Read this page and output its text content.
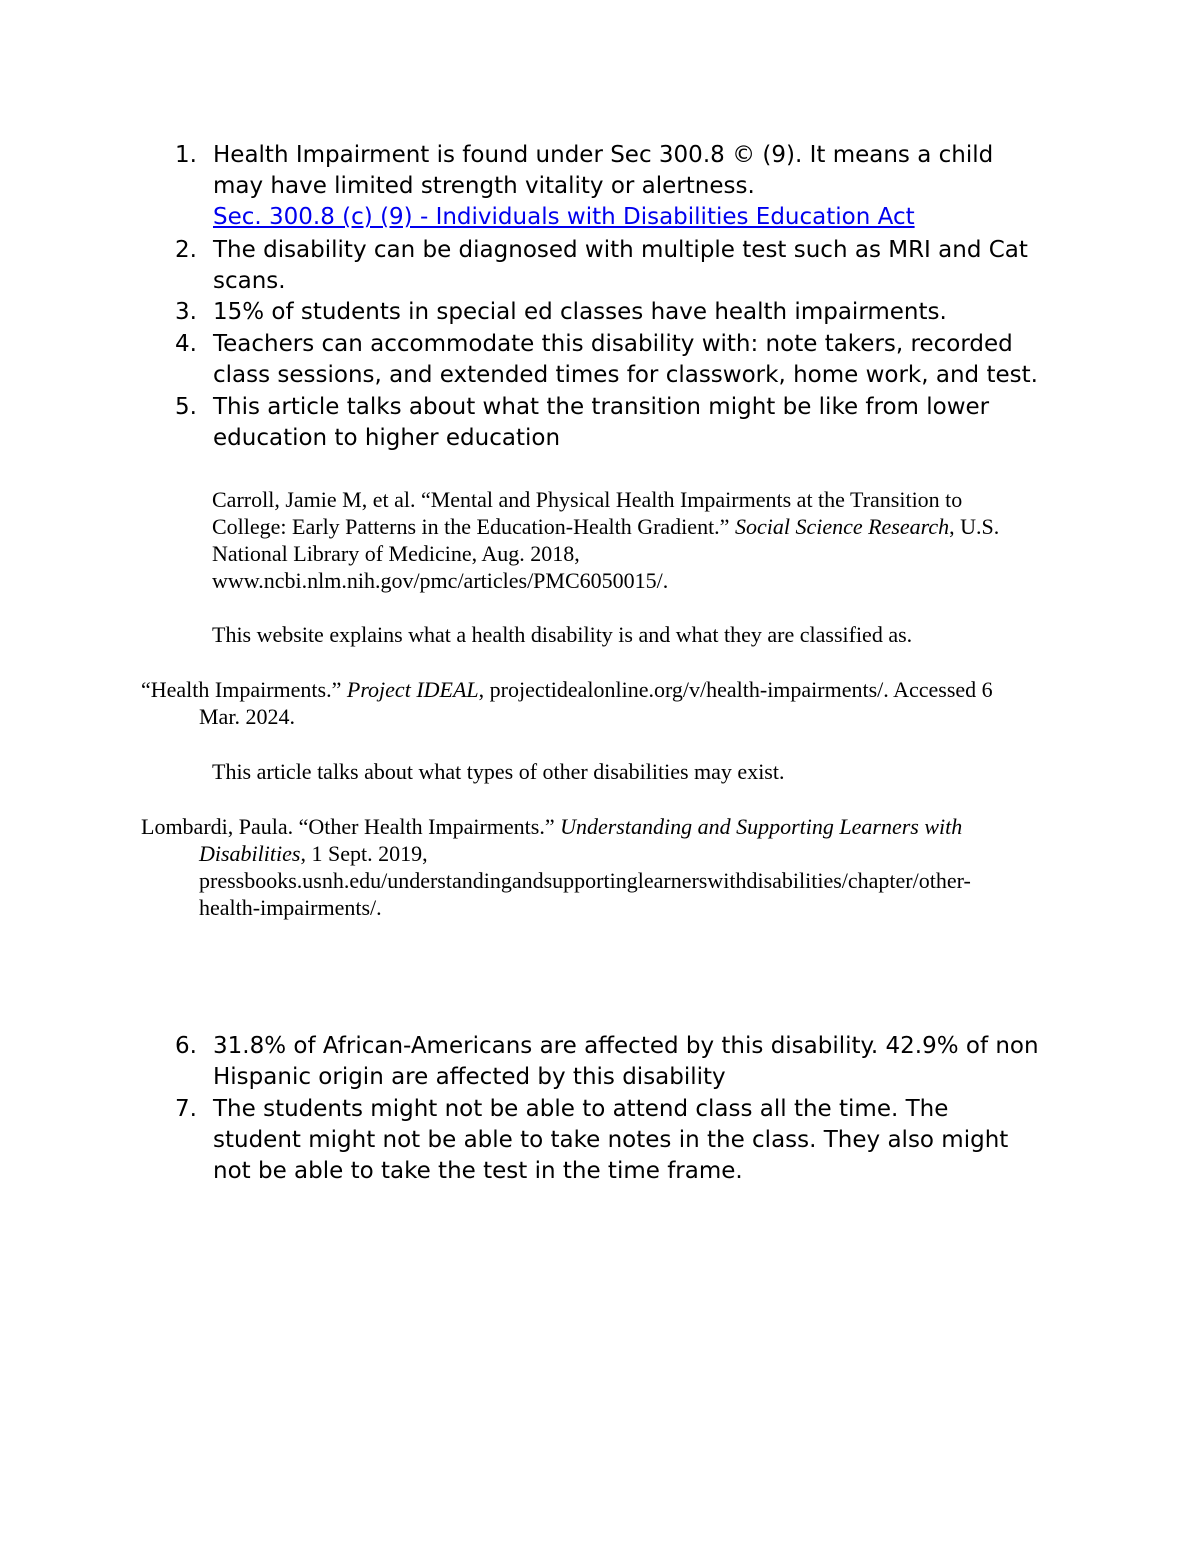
1. Health Impairment is found under Sec 300.8 © (9). It means a child
may have limited strength vitality or alertness.
Sec. 300.8 (c) (9) - Individuals with Disabilities Education Act
2. The disability can be diagnosed with multiple test such as MRI and Cat
scans.
3. 15% of students in special ed classes have health impairments.
4. Teachers can accommodate this disability with: note takers, recorded
class sessions, and extended times for classwork, home work, and test.
5. This article talks about what the transition might be like from lower
education to higher education
Carroll, Jamie M, et al. “Mental and Physical Health Impairments at the Transition to
College: Early Patterns in the Education-Health Gradient.” Social Science Research, U.S.
National Library of Medicine, Aug. 2018,
www.ncbi.nlm.nih.gov/pmc/articles/PMC6050015/.
This website explains what a health disability is and what they are classified as.
“Health Impairments.” Project IDEAL, projectidealonline.org/v/health-impairments/. Accessed 6
Mar. 2024.
This article talks about what types of other disabilities may exist.
Lombardi, Paula. “Other Health Impairments.” Understanding and Supporting Learners with
Disabilities, 1 Sept. 2019,
pressbooks.usnh.edu/understandingandsupportinglearnerswithdisabilities/chapter/other-
health-impairments/.
6. 31.8% of African-Americans are affected by this disability. 42.9% of non
Hispanic origin are affected by this disability
7. The students might not be able to attend class all the time. The
student might not be able to take notes in the class. They also might
not be able to take the test in the time frame.
